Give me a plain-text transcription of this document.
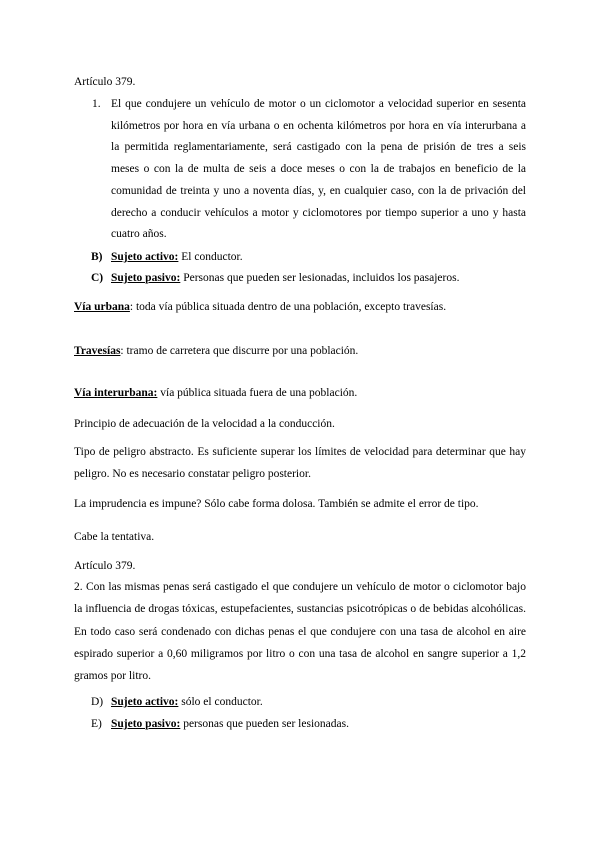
Artículo 379.

1. El que condujere un vehículo de motor o un ciclomotor a velocidad superior en sesenta kilómetros por hora en vía urbana o en ochenta kilómetros por hora en vía interurbana a la permitida reglamentariamente, será castigado con la pena de prisión de tres a seis meses o con la de multa de seis a doce meses o con la de trabajos en beneficio de la comunidad de treinta y uno a noventa días, y, en cualquier caso, con la de privación del derecho a conducir vehículos a motor y ciclomotores por tiempo superior a uno y hasta cuatro años.

B) Sujeto activo: El conductor.
C) Sujeto pasivo: Personas que pueden ser lesionadas, incluidos los pasajeros.

Vía urbana: toda vía pública situada dentro de una población, excepto travesías.

Travesías: tramo de carretera que discurre por una población.

Vía interurbana: vía pública situada fuera de una población.

Principio de adecuación de la velocidad a la conducción.

Tipo de peligro abstracto. Es suficiente superar los límites de velocidad para determinar que hay peligro. No es necesario constatar peligro posterior.

La imprudencia es impune? Sólo cabe forma dolosa. También se admite el error de tipo.

Cabe la tentativa.

Artículo 379.

2. Con las mismas penas será castigado el que condujere un vehículo de motor o ciclomotor bajo la influencia de drogas tóxicas, estupefacientes, sustancias psicotrópicas o de bebidas alcohólicas. En todo caso será condenado con dichas penas el que condujere con una tasa de alcohol en aire espirado superior a 0,60 miligramos por litro o con una tasa de alcohol en sangre superior a 1,2 gramos por litro.

D) Sujeto activo: sólo el conductor.
E) Sujeto pasivo: personas que pueden ser lesionadas.
